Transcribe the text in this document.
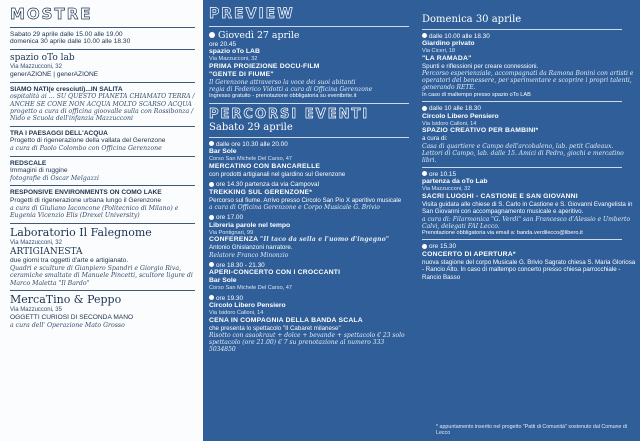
MOSTRE
Sabato 29 aprile dalle 15.00 alle 19.00
domenica 30 aprile dalle 10.00 alle 18.30
spazio oTo lab
Via Mazzucconi, 32
generAZIONE | generAZIONE
SIAMO NATI(e cresciuti)...IN SALITA
ospitalità ai ... SU QUESTO PIANETA CHIAMATO TERRA / ANCHE SE CONE NON ACQUA MOLTO SCARSO ACQUA progetto a cura di officina gioovalle sulla con Rossibonza / Nido e Scuola dell'infanzia Mazzucconi
TRA I PAESAGGI DELL'ACQUA
Progetto di rigenerazione della vallata del Gerenzone
a cura di Paolo Colombo con Officina Gerenzone
REDSCALE
Immagini di ruggine
fotografie di Oscar Melgazzi
RESPONSIVE ENVIRONMENTS ON COMO LAKE
Progetti di rigenerazione urbana lungo il Gerenzone
a cura di Giuliano Iaconcone (Politecnico di Milano) e Eugenia Vicenzio Elis (Drexel University)
Laboratorio Il Falegnome
Via Mazzucconi, 32
ARTIGIANESTA
due giorni tra oggetti d'arte e artigianato.
Quadri e sculture di Gianpiero Spandri e Giorgio Riva, ceramiche smaltate di Manuele Pincetti, scultore ligure di Marco Maletta "Il Bardo"
MercaTino & Peppo
Via Mazzucconi, 35
OGGETTI CURIOSI DI SECONDA MANO
a cura dell' Operazione Mato Grosso
PREVIEW
Giovedì 27 aprile
ore 20.45
spazio oTo LAB
Via Mazzucconi, 32
PRIMA PROIEZIONE DOCU-FILM
"GENTE DI FIUME"
Il Gerenzone attraverso la voce dei suoi abitanti
regia di Federico Vidotti a cura di Officina Gerenzone
Ingresso gratuito - prenotazione obbligatoria su eventbrite.it
PERCORSI EVENTI
Sabato 29 aprile
dalle ore 10.30 alle 20.00
Bar Sole
Corso San Michele Del Carso, 47
MERCATINO CON BANCARELLE
con prodotti artigianali nel giardino sul Gerenzone
ore 14.30 partenza da via Campoval
TREKKING SUL GERENZONE*
Percorso sul fiume. Arrivo presso Circolo San Pio X aperitivo musicale
a cura di Officina Gerenzone e Corpo Musicale G. Brivio
ore 17.00
Libreria parole nel tempo
Via Pontignari, 99
CONFERENZA "Il taco da sella e l'uomo d'ingegno"
Antonio Ghislanzoni narratore.
Relatore Franco Minonzio
ore 18.30 - 21.30
APERI-CONCERTO CON I CROCCANTI
Bar Sole
Corso San Michele Del Carso, 47
ore 19.30
Circolo Libero Pensiero
Via Isidoro Calloni, 14
CENA IN COMPAGNIA DELLA BANDA SCALA
che presenta lo spettacolo "Il Cabaret milanese"
Risotto con asaokraut + dolce + bevande + spettacolo € 23 solo spettacolo (ore 21.00) € 7 su prenotazione al numero 333 5034850
Domenica 30 aprile
dalle 10.00 alle 18.30
Giardino privato
Via Ciceri, 18
"LA RAMADA"
Spunti e riflessioni per creare connessioni.
Percorso esperienziale, accompagnati da Ramona Bonini con artisti e operatori del benessere, per sperimentare e scoprire i propri talenti, generando RETE.
In caso di maltempo presso spazio oTo LAB
dalle 10 alle 18.30
Circolo Libero Pensiero
Via Isidoro Calloni, 14
SPAZIO CREATIVO PER BAMBINI*
a cura di:
Casa di quartiere e Campo dell'arcobaleno, lab. petit Cadeaux. Lettori di Campo, lab. dalle 15. Amici di Pedro, giochi e mercatino libri.
ore 10.15
partenza da oTo Lab
Via Mazzucconi, 32
SACRI LUOGHI - CASTIONE E SAN GIOVANNI
Visita guidata alle chiese di S. Carlo in Castione e S. Giovanni Evangelista in San Giovanni con accompagnamento musicale e aperitivo.
a cura di: Filarmonica "G. Verdi" san Francesco d'Alessio e Umberto Calvi, delegati FAI Lecco.
Prenotazione obbligatoria via email a: banda.verdilecco@libero.it
ore 15.30
CONCERTO DI APERTURA*
nuova stagione del corpo Musicale G. Brivio Sagrato chiesa S. Maria Gloriosa - Rancio Alto. In caso di maltempo concerto presso chiesa parrocchiale - Rancio Basso
* appuntamento inserito nel progetto "Patti di Comunità" sostenuto dal Comune di Lecco
